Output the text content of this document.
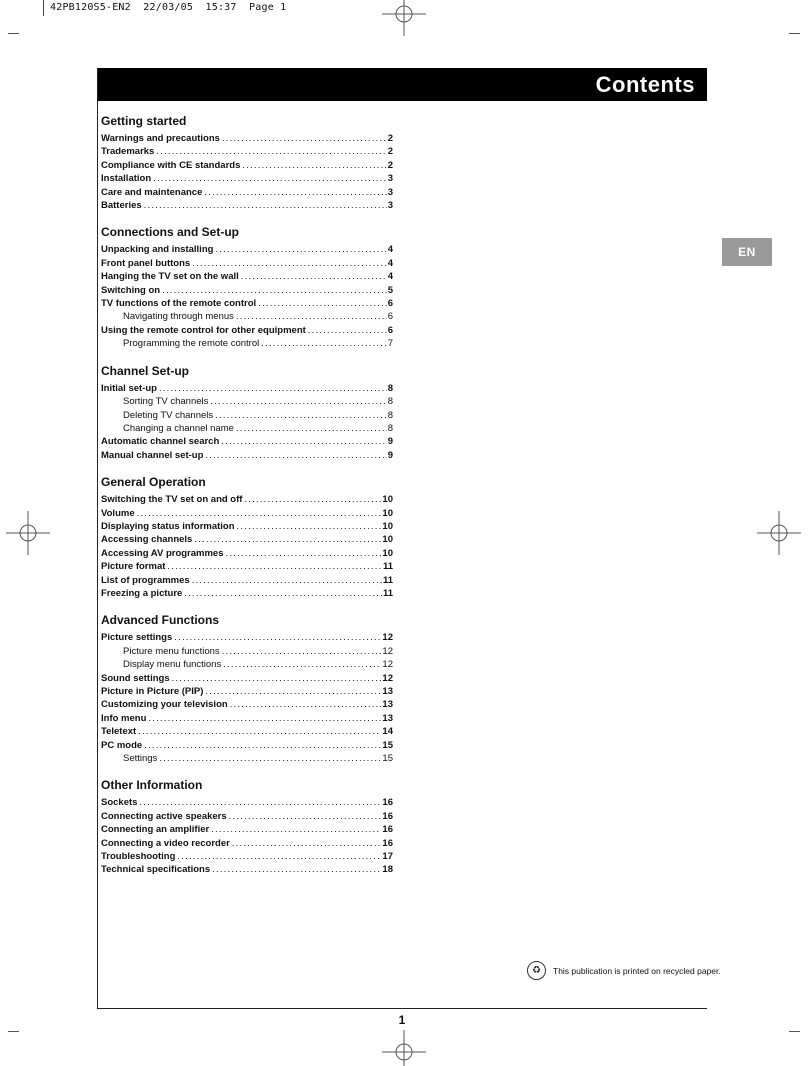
42PB120S5-EN2  22/03/05  15:37  Page 1
Contents
EN
Getting started
Warnings and precautions .....	2
Trademarks .....	2
Compliance with CE standards .....	2
Installation .....	3
Care and maintenance .....	3
Batteries .....	3
Connections and Set-up
Unpacking and installing .....	4
Front panel buttons .....	4
Hanging the TV set on the wall .....	4
Switching on .....	5
TV functions of the remote control .....	6
Navigating through menus .....	6
Using the remote control for other equipment .....	6
Programming the remote control .....	7
Channel Set-up
Initial set-up .....	8
Sorting TV channels .....	8
Deleting TV channels .....	8
Changing a channel name .....	8
Automatic channel search .....	9
Manual channel set-up .....	9
General Operation
Switching the TV set on and off .....	10
Volume .....	10
Displaying status information .....	10
Accessing channels .....	10
Accessing AV programmes .....	10
Picture format .....	11
List of programmes .....	11
Freezing a picture .....	11
Advanced Functions
Picture settings .....	12
Picture menu functions .....	12
Display menu functions .....	12
Sound settings .....	12
Picture in Picture (PIP) .....	13
Customizing your television .....	13
Info menu .....	13
Teletext .....	14
PC mode .....	15
Settings .....	15
Other Information
Sockets .....	16
Connecting active speakers .....	16
Connecting an amplifier .....	16
Connecting a video recorder .....	16
Troubleshooting .....	17
Technical specifications .....	18
♻	This publication is printed on recycled paper.
1
